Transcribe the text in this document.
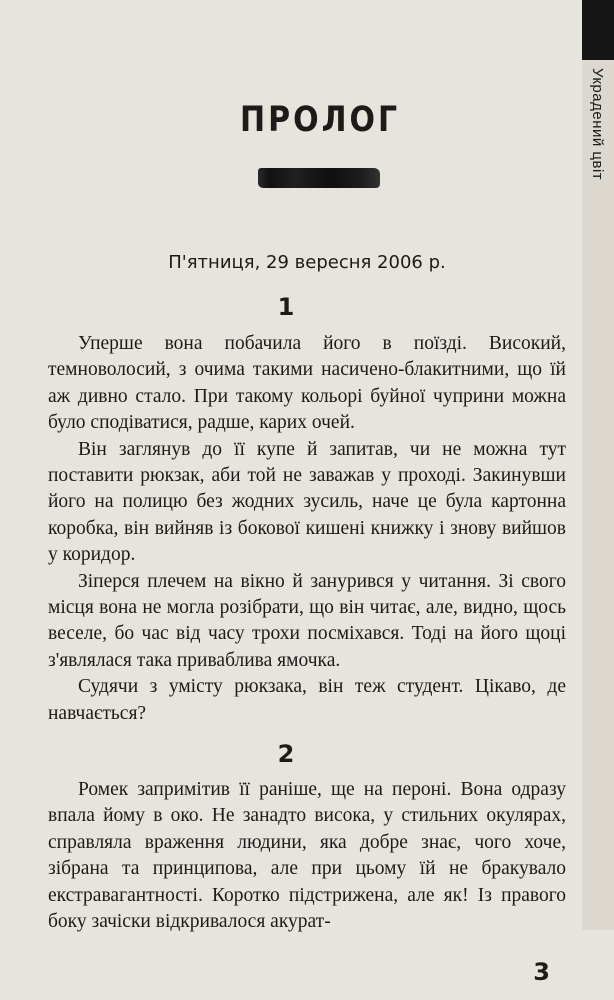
Украдений цвіт
ПРОЛОГ
П'ятниця, 29 вересня 2006 р.
1

Уперше вона побачила його в поїзді. Високий, темноволосий, з очима такими насичено-блакитними, що їй аж дивно стало. При такому кольорі буйної чуприни можна було сподіватися, радше, карих очей.

Він заглянув до її купе й запитав, чи не можна тут поставити рюкзак, аби той не заважав у проході. Закинувши його на полицю без жодних зусиль, наче це була картонна коробка, він вийняв із бокової кишені книжку і знову вийшов у коридор.

Зіперся плечем на вікно й занурився у читання. Зі свого місця вона не могла розібрати, що він читає, але, видно, щось веселе, бо час від часу трохи посміхався. Тоді на його щоці з'являлася така приваблива ямочка.

Судячи з умісту рюкзака, він теж студент. Цікаво, де навчається?

2

Ромек запримітив її раніше, ще на пероні. Вона одразу впала йому в око. Не занадто висока, у стильних окулярах, справляла враження людини, яка добре знає, чого хоче, зібрана та принципова, але при цьому їй не бракувало екстравагантності. Коротко підстрижена, але як! Із правого боку зачіски відкривалося акурат-

3
